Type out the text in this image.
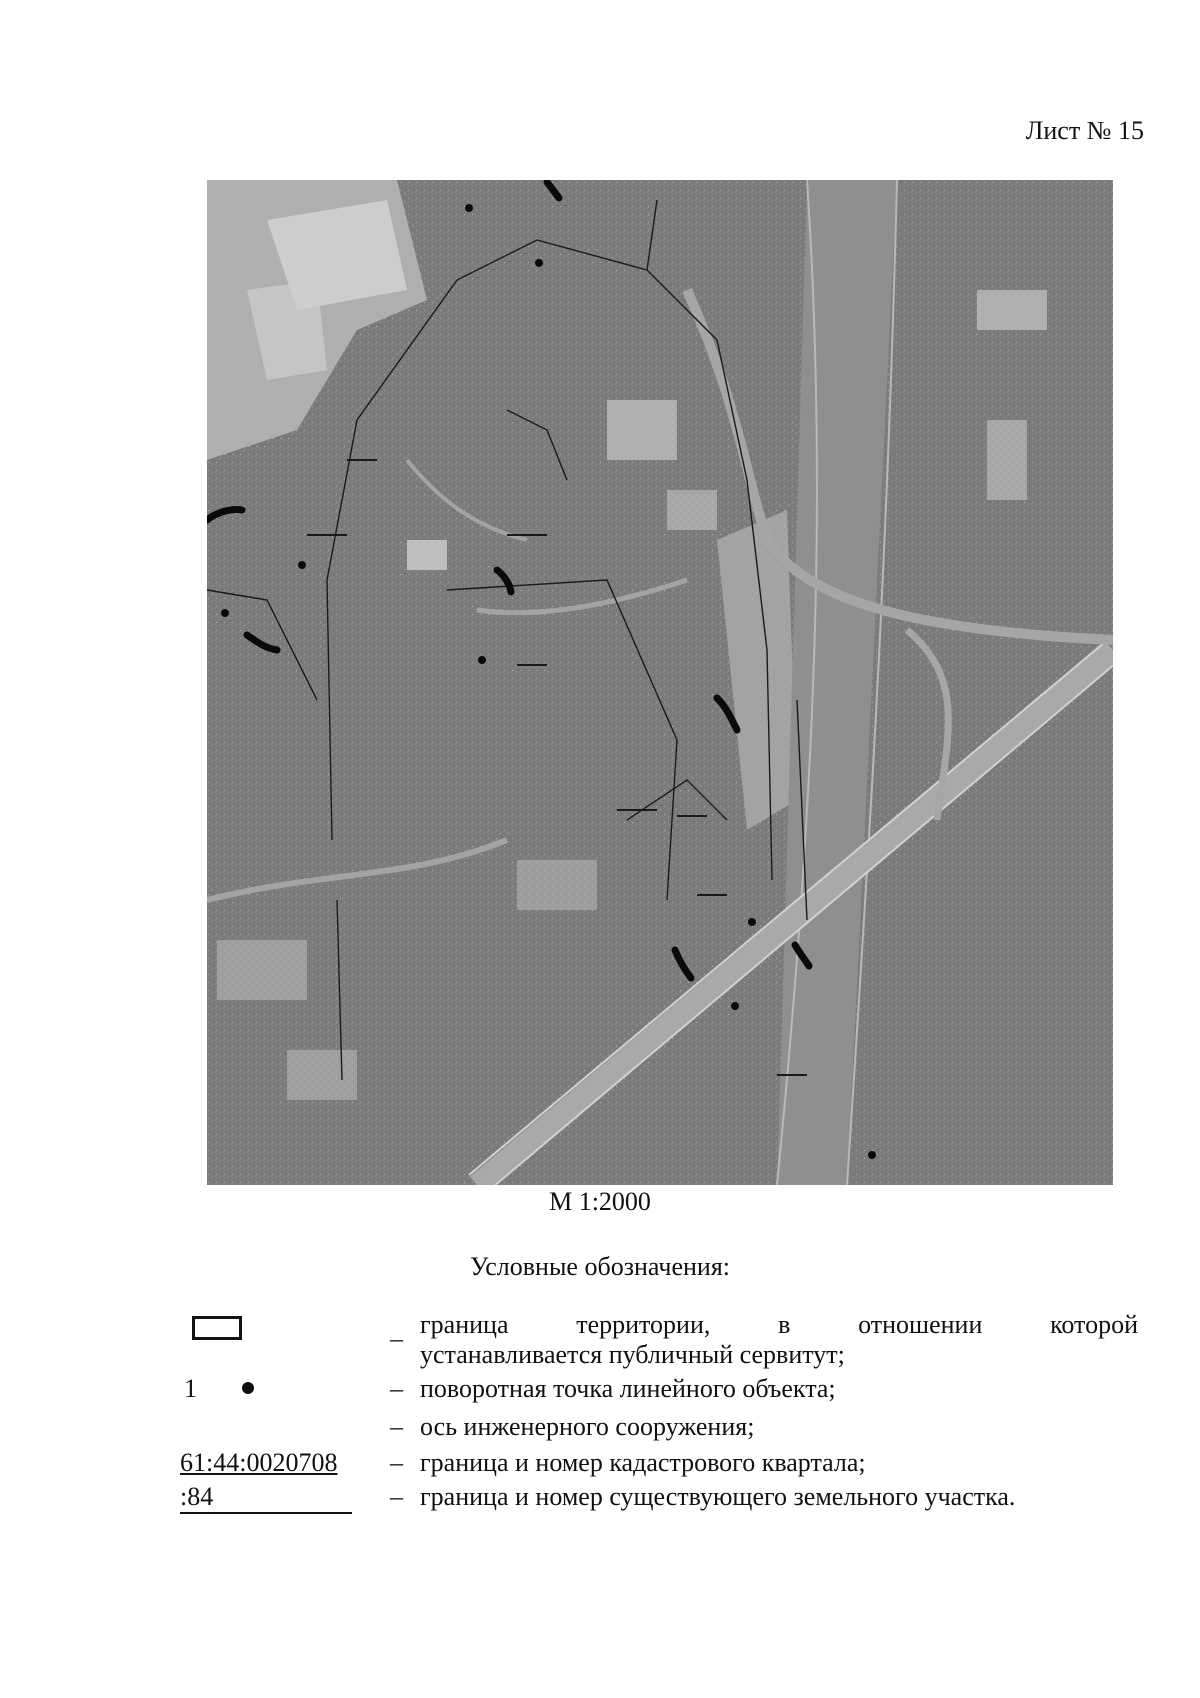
Лист № 15
М 1:2000
Условные обозначения:
– граница территории, в отношении которой
устанавливается публичный сервитут;
1	– поворотная точка линейного объекта;
– ось инженерного сооружения;
61:44:0020708 – граница и номер кадастрового квартала;
:84	– граница и номер существующего земельного участка.
